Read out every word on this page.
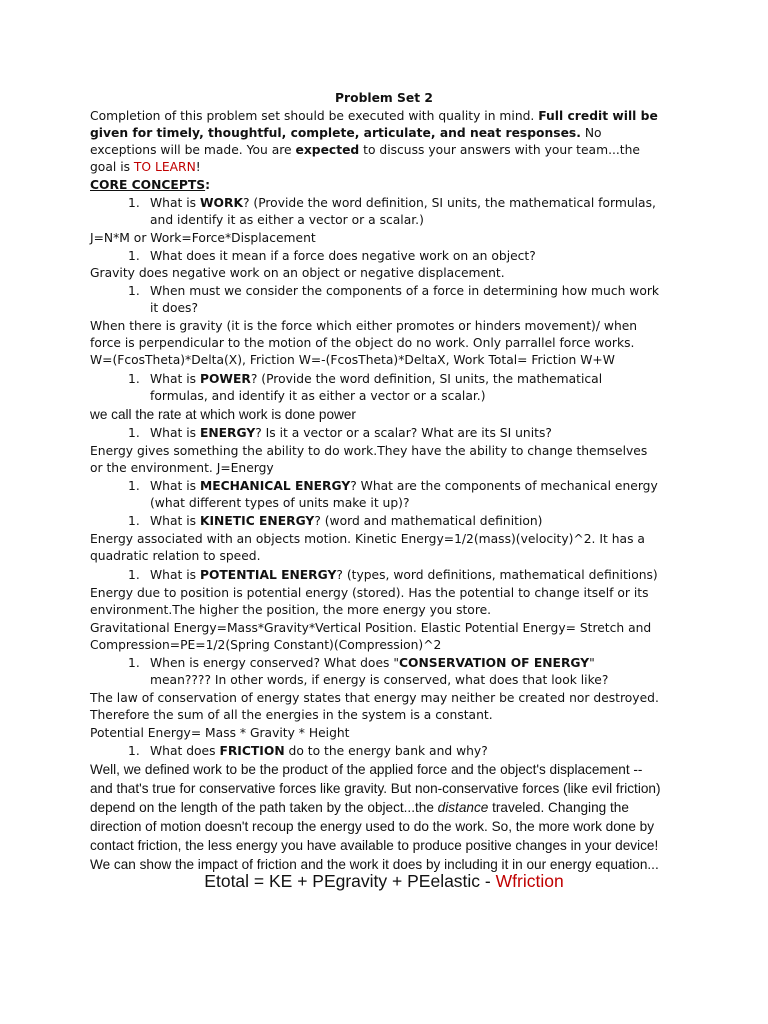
Problem Set 2
Completion of this problem set should be executed with quality in mind. Full credit will be
given for timely, thoughtful, complete, articulate, and neat responses. No
exceptions will be made. You are expected to discuss your answers with your team...the
goal is TO LEARN!
CORE CONCEPTS:
1. What is WORK? (Provide the word definition, SI units, the mathematical formulas,
and identify it as either a vector or a scalar.)
J=N*M or Work=Force*Displacement
1. What does it mean if a force does negative work on an object?
Gravity does negative work on an object or negative displacement.
1. When must we consider the components of a force in determining how much work
it does?
When there is gravity (it is the force which either promotes or hinders movement)/ when
force is perpendicular to the motion of the object do no work. Only parrallel force works.
W=(FcosTheta)*Delta(X), Friction W=-(FcosTheta)*DeltaX, Work Total= Friction W+W
1. What is POWER? (Provide the word definition, SI units, the mathematical
formulas, and identify it as either a vector or a scalar.)
we call the rate at which work is done power
1. What is ENERGY? Is it a vector or a scalar? What are its SI units?
Energy gives something the ability to do work.They have the ability to change themselves
or the environment. J=Energy
1. What is MECHANICAL ENERGY? What are the components of mechanical energy
(what different types of units make it up)?
1. What is KINETIC ENERGY? (word and mathematical definition)
Energy associated with an objects motion. Kinetic Energy=1/2(mass)(velocity)^2. It has a
quadratic relation to speed.
1. What is POTENTIAL ENERGY? (types, word definitions, mathematical definitions)
Energy due to position is potential energy (stored). Has the potential to change itself or its
environment.The higher the position, the more energy you store.
Gravitational Energy=Mass*Gravity*Vertical Position. Elastic Potential Energy= Stretch and
Compression=PE=1/2(Spring Constant)(Compression)^2
1. When is energy conserved? What does "CONSERVATION OF ENERGY"
mean???? In other words, if energy is conserved, what does that look like?
The law of conservation of energy states that energy may neither be created nor destroyed.
Therefore the sum of all the energies in the system is a constant.
Potential Energy= Mass * Gravity * Height
1. What does FRICTION do to the energy bank and why?
Well, we defined work to be the product of the applied force and the object's displacement --
and that's true for conservative forces like gravity. But non-conservative forces (like evil friction)
depend on the length of the path taken by the object...the distance traveled. Changing the
direction of motion doesn't recoup the energy used to do the work. So, the more work done by
contact friction, the less energy you have available to produce positive changes in your device!
We can show the impact of friction and the work it does by including it in our energy equation...
Etotal = KE + PEgravity + PEelastic - Wfriction
